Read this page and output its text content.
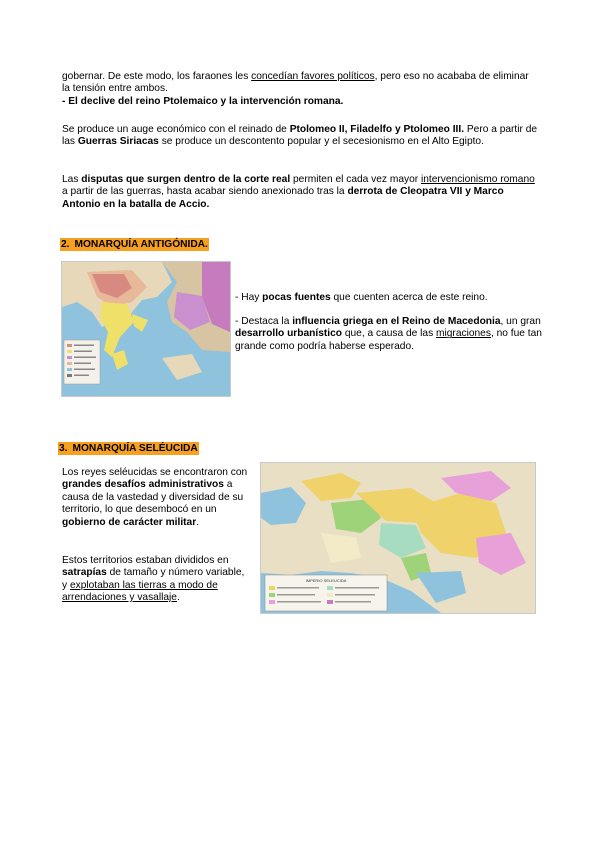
gobernar. De este modo, los faraones les concedían favores políticos, pero eso no acababa de eliminar la tensión entre ambos.

- El declive del reino Ptolemaico y la intervención romana.

Se produce un auge económico con el reinado de Ptolomeo II, Filadelfo y Ptolomeo III. Pero a partir de las Guerras Siriacas se produce un descontento popular y el secesionismo en el Alto Egipto.

Las disputas que surgen dentro de la corte real permiten el cada vez mayor intervencionismo romano a partir de las guerras, hasta acabar siendo anexionado tras la derrota de Cleopatra VII y Marco Antonio en la batalla de Accio.

2. MONARQUÍA ANTIGÓNIDA.

- Hay pocas fuentes que cuenten acerca de este reino.

- Destaca la influencia griega en el Reino de Macedonia, un gran desarrollo urbanístico que, a causa de las migraciones, no fue tan grande como podría haberse esperado.

3. MONARQUÍA SELÉUCIDA

Los reyes seléucidas se encontraron con grandes desafíos administrativos a causa de la vastedad y diversidad de su territorio, lo que desembocó en un gobierno de carácter militar.

Estos territorios estaban divididos en satrapías de tamaño y número variable, y explotaban las tierras a modo de arrendaciones y vasallaje.

IMPERIO SELEUCIDA
